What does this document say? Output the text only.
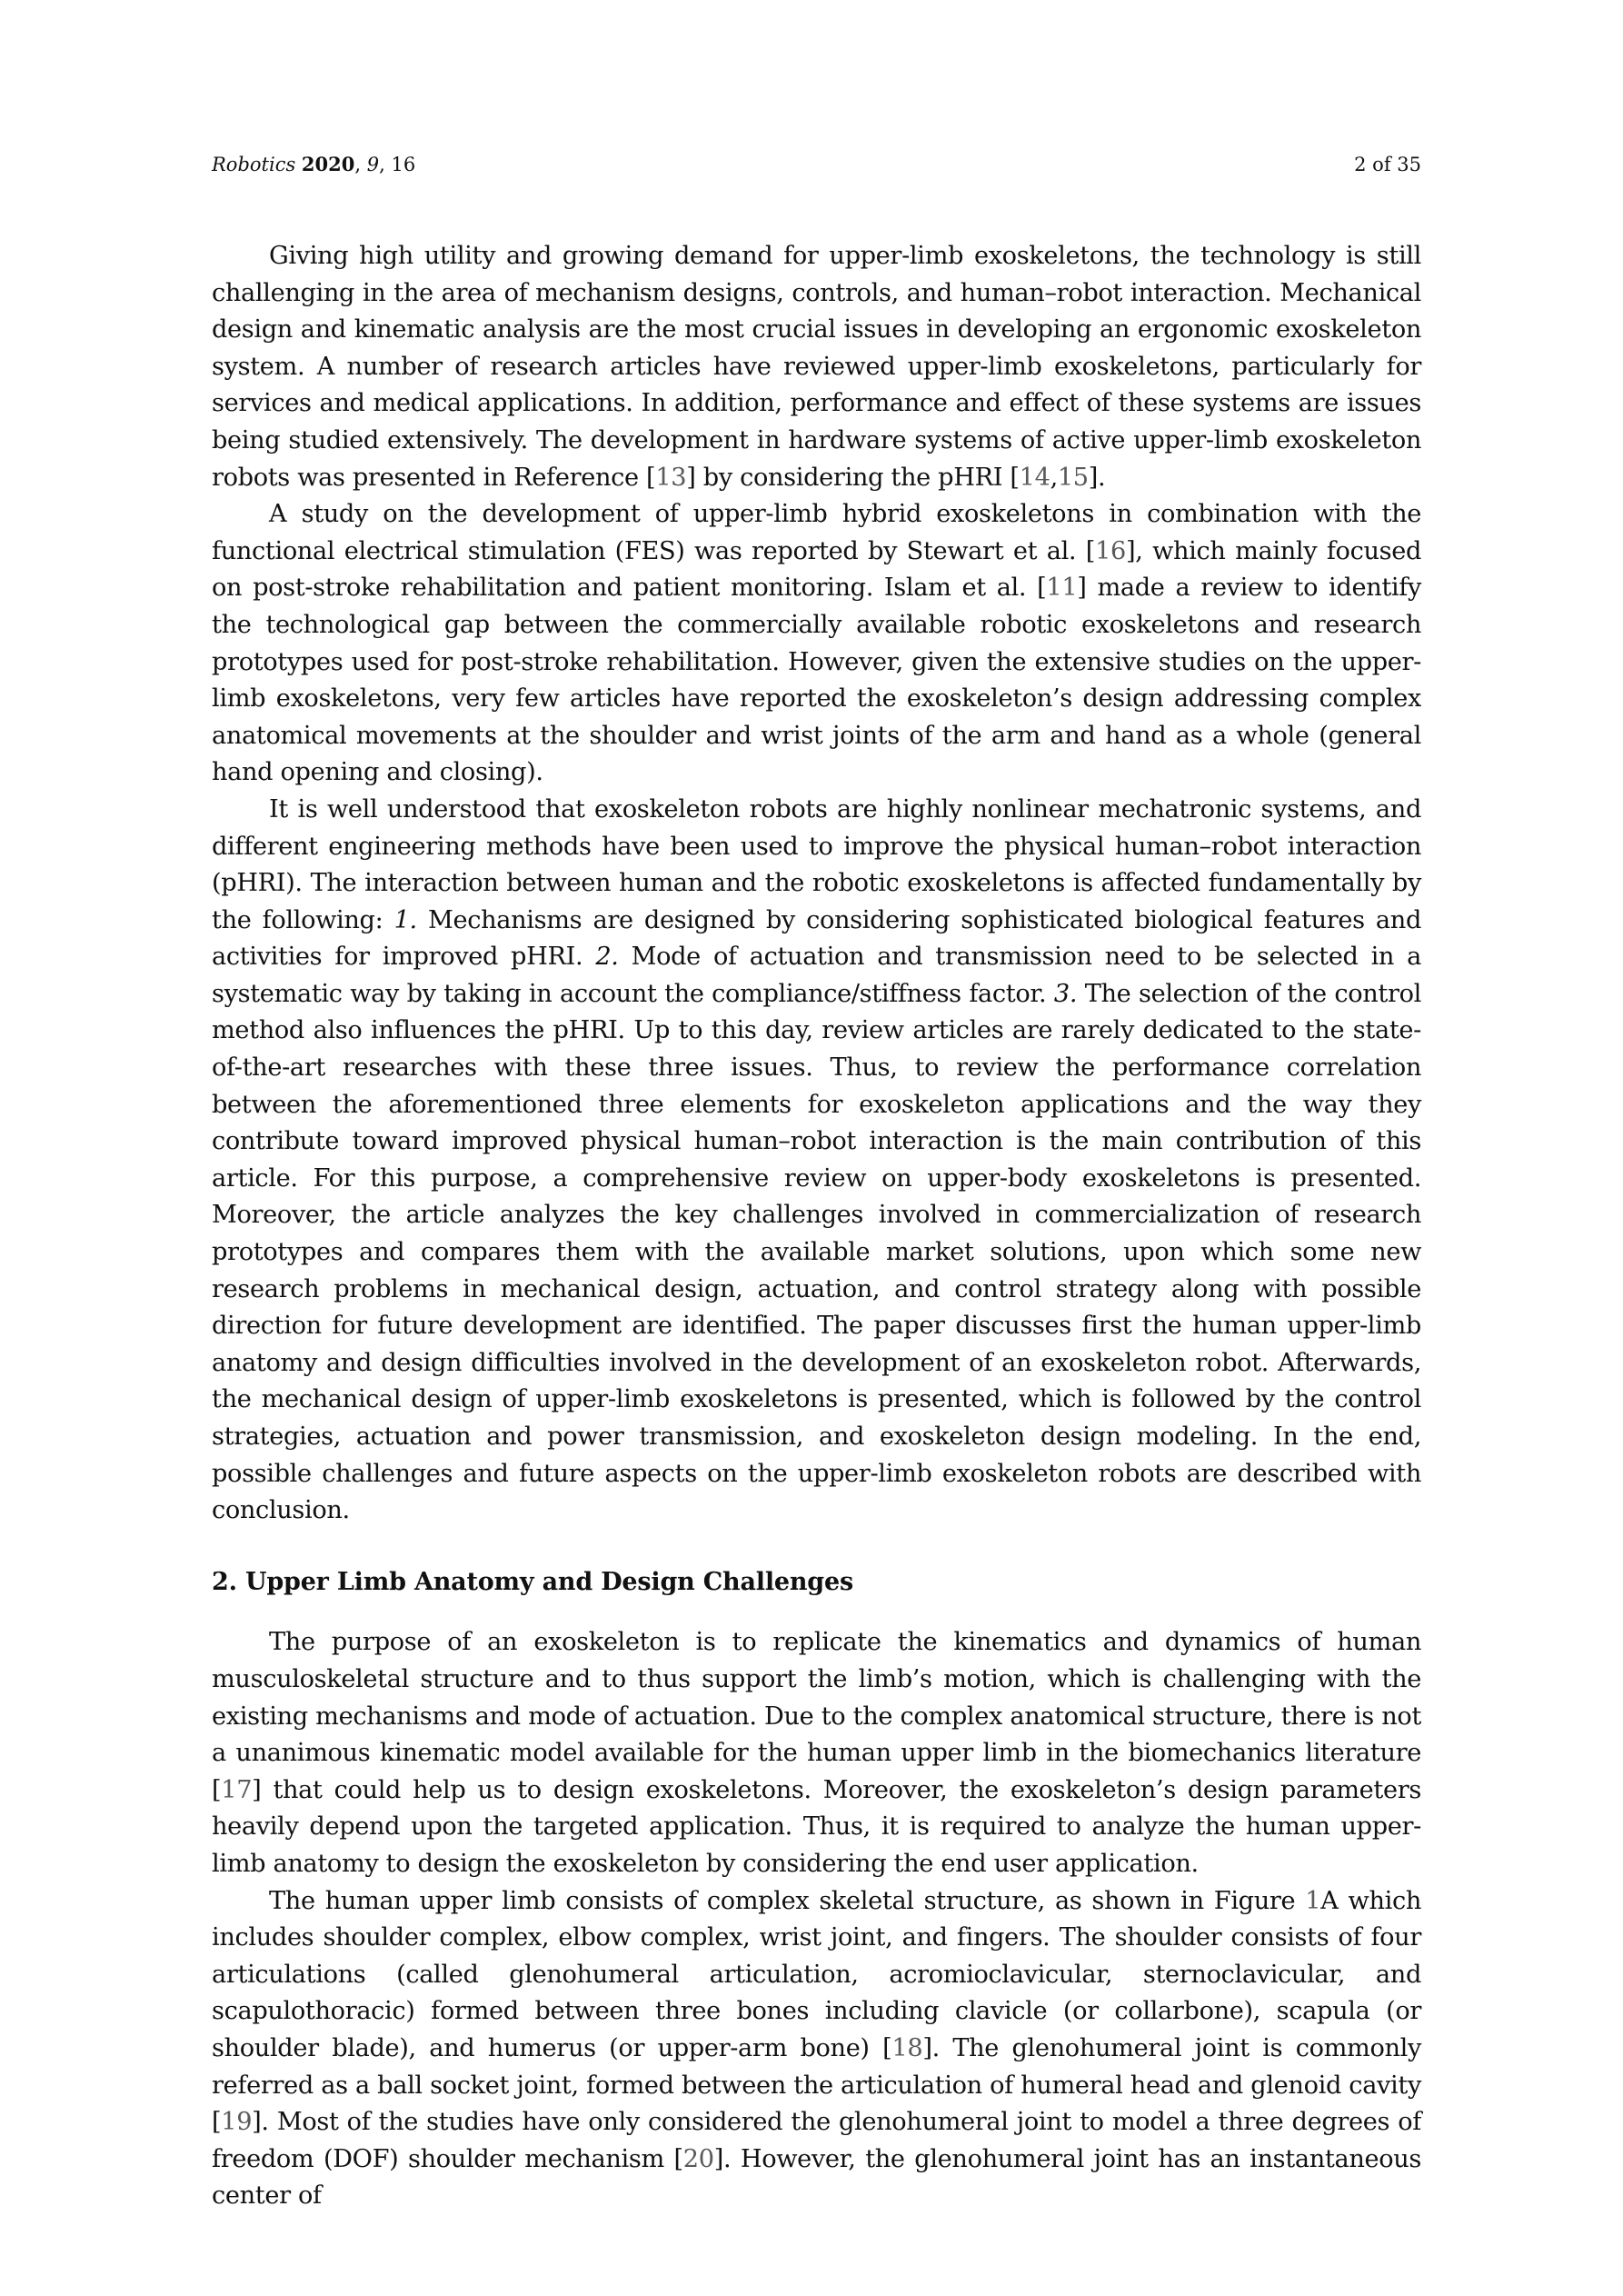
Robotics 2020, 9, 16	2 of 35

Giving high utility and growing demand for upper-limb exoskeletons, the technology is still challenging in the area of mechanism designs, controls, and human–robot interaction. Mechanical design and kinematic analysis are the most crucial issues in developing an ergonomic exoskeleton system. A number of research articles have reviewed upper-limb exoskeletons, particularly for services and medical applications. In addition, performance and effect of these systems are issues being studied extensively. The development in hardware systems of active upper-limb exoskeleton robots was presented in Reference [13] by considering the pHRI [14,15].

A study on the development of upper-limb hybrid exoskeletons in combination with the functional electrical stimulation (FES) was reported by Stewart et al. [16], which mainly focused on post-stroke rehabilitation and patient monitoring. Islam et al. [11] made a review to identify the technological gap between the commercially available robotic exoskeletons and research prototypes used for post-stroke rehabilitation. However, given the extensive studies on the upper-limb exoskeletons, very few articles have reported the exoskeleton’s design addressing complex anatomical movements at the shoulder and wrist joints of the arm and hand as a whole (general hand opening and closing).

It is well understood that exoskeleton robots are highly nonlinear mechatronic systems, and different engineering methods have been used to improve the physical human–robot interaction (pHRI). The interaction between human and the robotic exoskeletons is affected fundamentally by the following: 1. Mechanisms are designed by considering sophisticated biological features and activities for improved pHRI. 2. Mode of actuation and transmission need to be selected in a systematic way by taking in account the compliance/stiffness factor. 3. The selection of the control method also influences the pHRI. Up to this day, review articles are rarely dedicated to the state-of-the-art researches with these three issues. Thus, to review the performance correlation between the aforementioned three elements for exoskeleton applications and the way they contribute toward improved physical human–robot interaction is the main contribution of this article. For this purpose, a comprehensive review on upper-body exoskeletons is presented. Moreover, the article analyzes the key challenges involved in commercialization of research prototypes and compares them with the available market solutions, upon which some new research problems in mechanical design, actuation, and control strategy along with possible direction for future development are identified. The paper discusses first the human upper-limb anatomy and design difficulties involved in the development of an exoskeleton robot. Afterwards, the mechanical design of upper-limb exoskeletons is presented, which is followed by the control strategies, actuation and power transmission, and exoskeleton design modeling. In the end, possible challenges and future aspects on the upper-limb exoskeleton robots are described with conclusion.

2. Upper Limb Anatomy and Design Challenges

The purpose of an exoskeleton is to replicate the kinematics and dynamics of human musculoskeletal structure and to thus support the limb’s motion, which is challenging with the existing mechanisms and mode of actuation. Due to the complex anatomical structure, there is not a unanimous kinematic model available for the human upper limb in the biomechanics literature [17] that could help us to design exoskeletons. Moreover, the exoskeleton’s design parameters heavily depend upon the targeted application. Thus, it is required to analyze the human upper-limb anatomy to design the exoskeleton by considering the end user application.

The human upper limb consists of complex skeletal structure, as shown in Figure 1A which includes shoulder complex, elbow complex, wrist joint, and fingers. The shoulder consists of four articulations (called glenohumeral articulation, acromioclavicular, sternoclavicular, and scapulothoracic) formed between three bones including clavicle (or collarbone), scapula (or shoulder blade), and humerus (or upper-arm bone) [18]. The glenohumeral joint is commonly referred as a ball socket joint, formed between the articulation of humeral head and glenoid cavity [19]. Most of the studies have only considered the glenohumeral joint to model a three degrees of freedom (DOF) shoulder mechanism [20]. However, the glenohumeral joint has an instantaneous center of
